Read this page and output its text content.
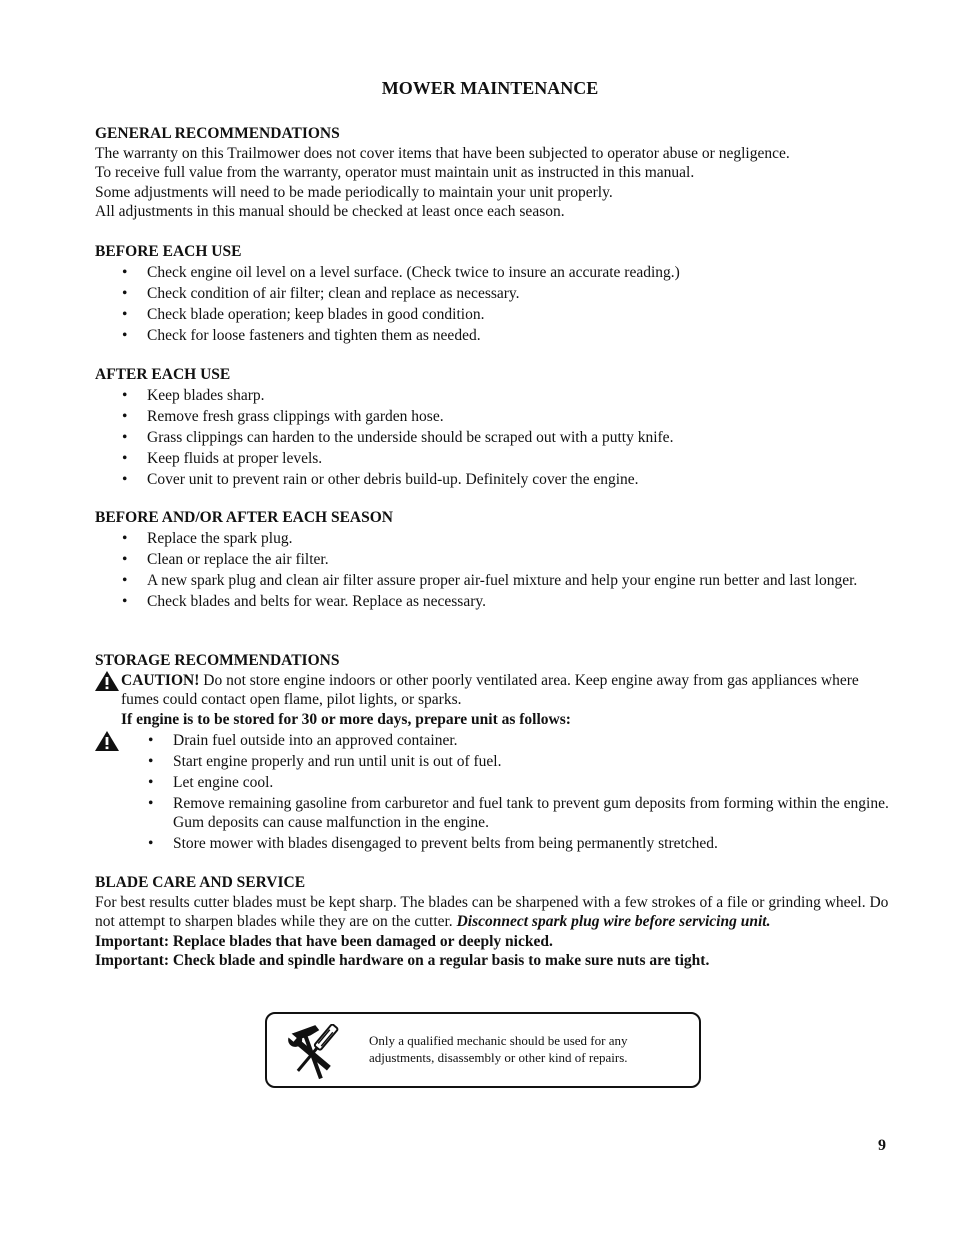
MOWER MAINTENANCE

GENERAL RECOMMENDATIONS

The warranty on this Trailmower does not cover items that have been subjected to operator abuse or negligence.

To receive full value from the warranty, operator must maintain unit as instructed in this manual.

Some adjustments will need to be made periodically to maintain your unit properly.

All adjustments in this manual should be checked at least once each season.

BEFORE EACH USE

• Check engine oil level on a level surface. (Check twice to insure an accurate reading.)
• Check condition of air filter; clean and replace as necessary.
• Check blade operation; keep blades in good condition.
• Check for loose fasteners and tighten them as needed.

AFTER EACH USE

• Keep blades sharp.
• Remove fresh grass clippings with garden hose.
• Grass clippings can harden to the underside should be scraped out with a putty knife.
• Keep fluids at proper levels.
• Cover unit to prevent rain or other debris build-up. Definitely cover the engine.

BEFORE AND/OR AFTER EACH SEASON

• Replace the spark plug.
• Clean or replace the air filter.
• A new spark plug and clean air filter assure proper air-fuel mixture and help your engine run better and last longer.
• Check blades and belts for wear. Replace as necessary.

STORAGE RECOMMENDATIONS

CAUTION! Do not store engine indoors or other poorly ventilated area. Keep engine away from gas appliances where fumes could contact open flame, pilot lights, or sparks.

If engine is to be stored for 30 or more days, prepare unit as follows:

• Drain fuel outside into an approved container.
• Start engine properly and run until unit is out of fuel.
• Let engine cool.
• Remove remaining gasoline from carburetor and fuel tank to prevent gum deposits from forming within the engine. Gum deposits can cause malfunction in the engine.
• Store mower with blades disengaged to prevent belts from being permanently stretched.

BLADE CARE AND SERVICE

For best results cutter blades must be kept sharp. The blades can be sharpened with a few strokes of a file or grinding wheel. Do not attempt to sharpen blades while they are on the cutter. Disconnect spark plug wire before servicing unit.

Important: Replace blades that have been damaged or deeply nicked.

Important: Check blade and spindle hardware on a regular basis to make sure nuts are tight.

Only a qualified mechanic should be used for any adjustments, disassembly or other kind of repairs.
9
